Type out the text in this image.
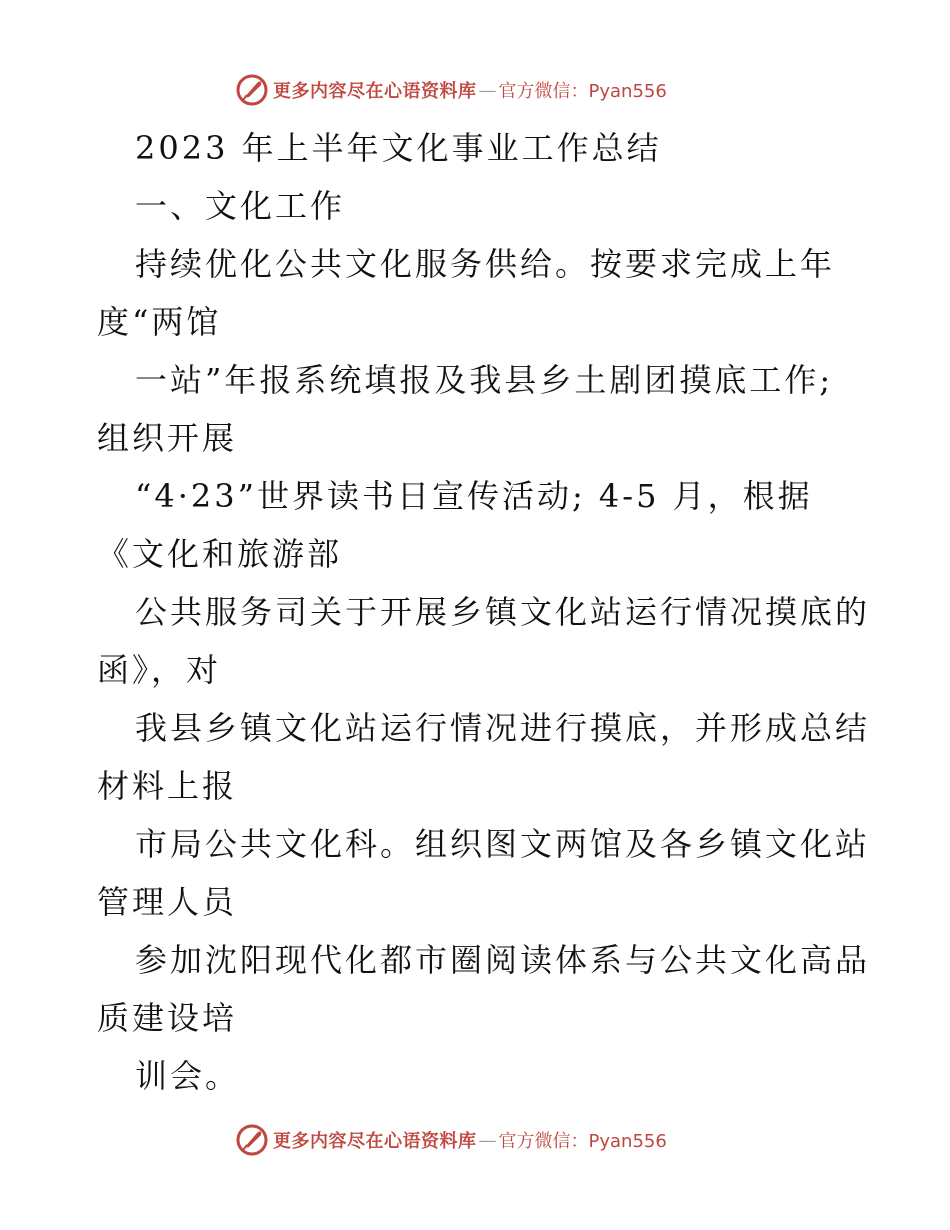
更多内容尽在心语资料库 — 官方微信：Pyan556
2023 年上半年文化事业工作总结
一、文化工作
持续优化公共文化服务供给。按要求完成上年
度“两馆
一站”年报系统填报及我县乡土剧团摸底工作;
组织开展
“4·23”世界读书日宣传活动; 4-5 月，根据
《文化和旅游部
公共服务司关于开展乡镇文化站运行情况摸底的
函》，对
我县乡镇文化站运行情况进行摸底，并形成总结
材料上报
市局公共文化科。组织图文两馆及各乡镇文化站
管理人员
参加沈阳现代化都市圈阅读体系与公共文化高品
质建设培
训会。
更多内容尽在心语资料库 — 官方微信：Pyan556
